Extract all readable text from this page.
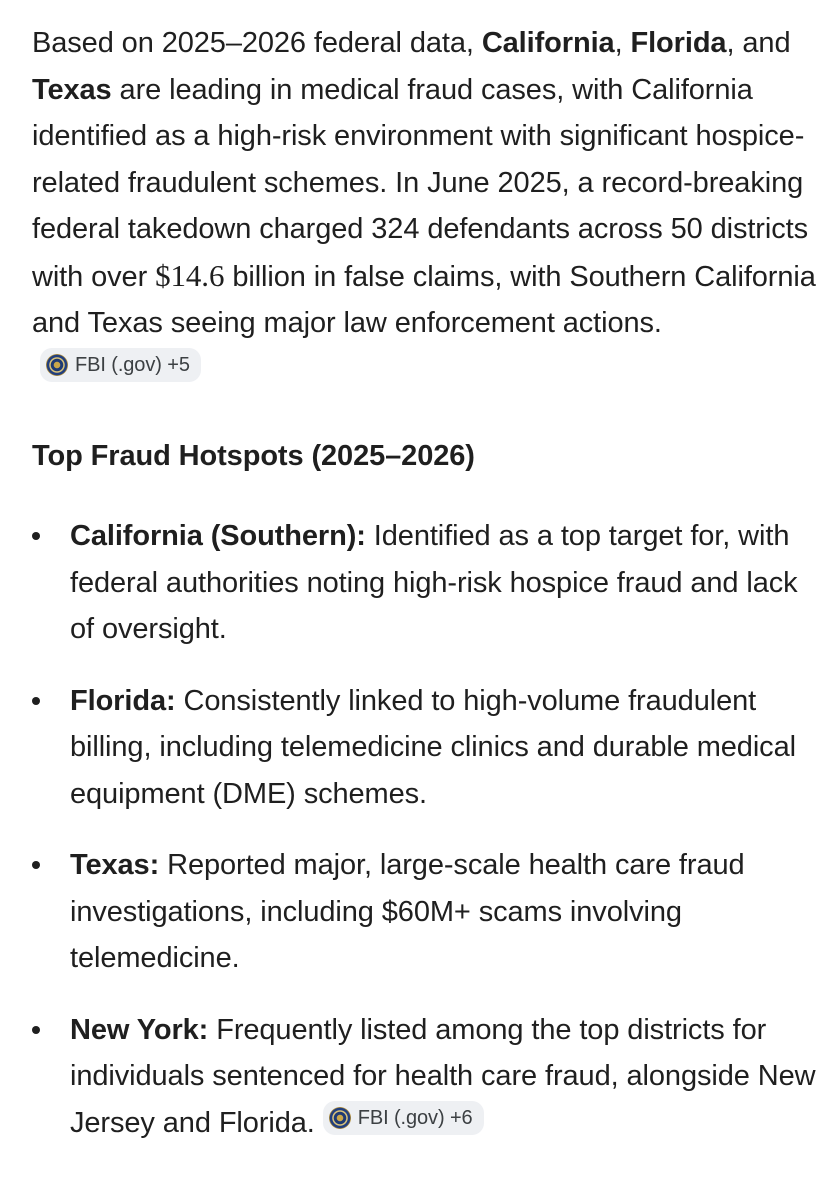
Based on 2025–2026 federal data, California, Florida, and Texas are leading in medical fraud cases, with California identified as a high-risk environment with significant hospice-related fraudulent schemes. In June 2025, a record-breaking federal takedown charged 324 defendants across 50 districts with over $14.6 billion in false claims, with Southern California and Texas seeing major law enforcement actions.
FBI (.gov) +5

Top Fraud Hotspots (2025–2026)
California (Southern): Identified as a top target for, with federal authorities noting high-risk hospice fraud and lack of oversight.
Florida: Consistently linked to high-volume fraudulent billing, including telemedicine clinics and durable medical equipment (DME) schemes.
Texas: Reported major, large-scale health care fraud investigations, including $60M+ scams involving telemedicine.
New York: Frequently listed among the top districts for individuals sentenced for health care fraud, alongside New Jersey and Florida. FBI (.gov) +6
